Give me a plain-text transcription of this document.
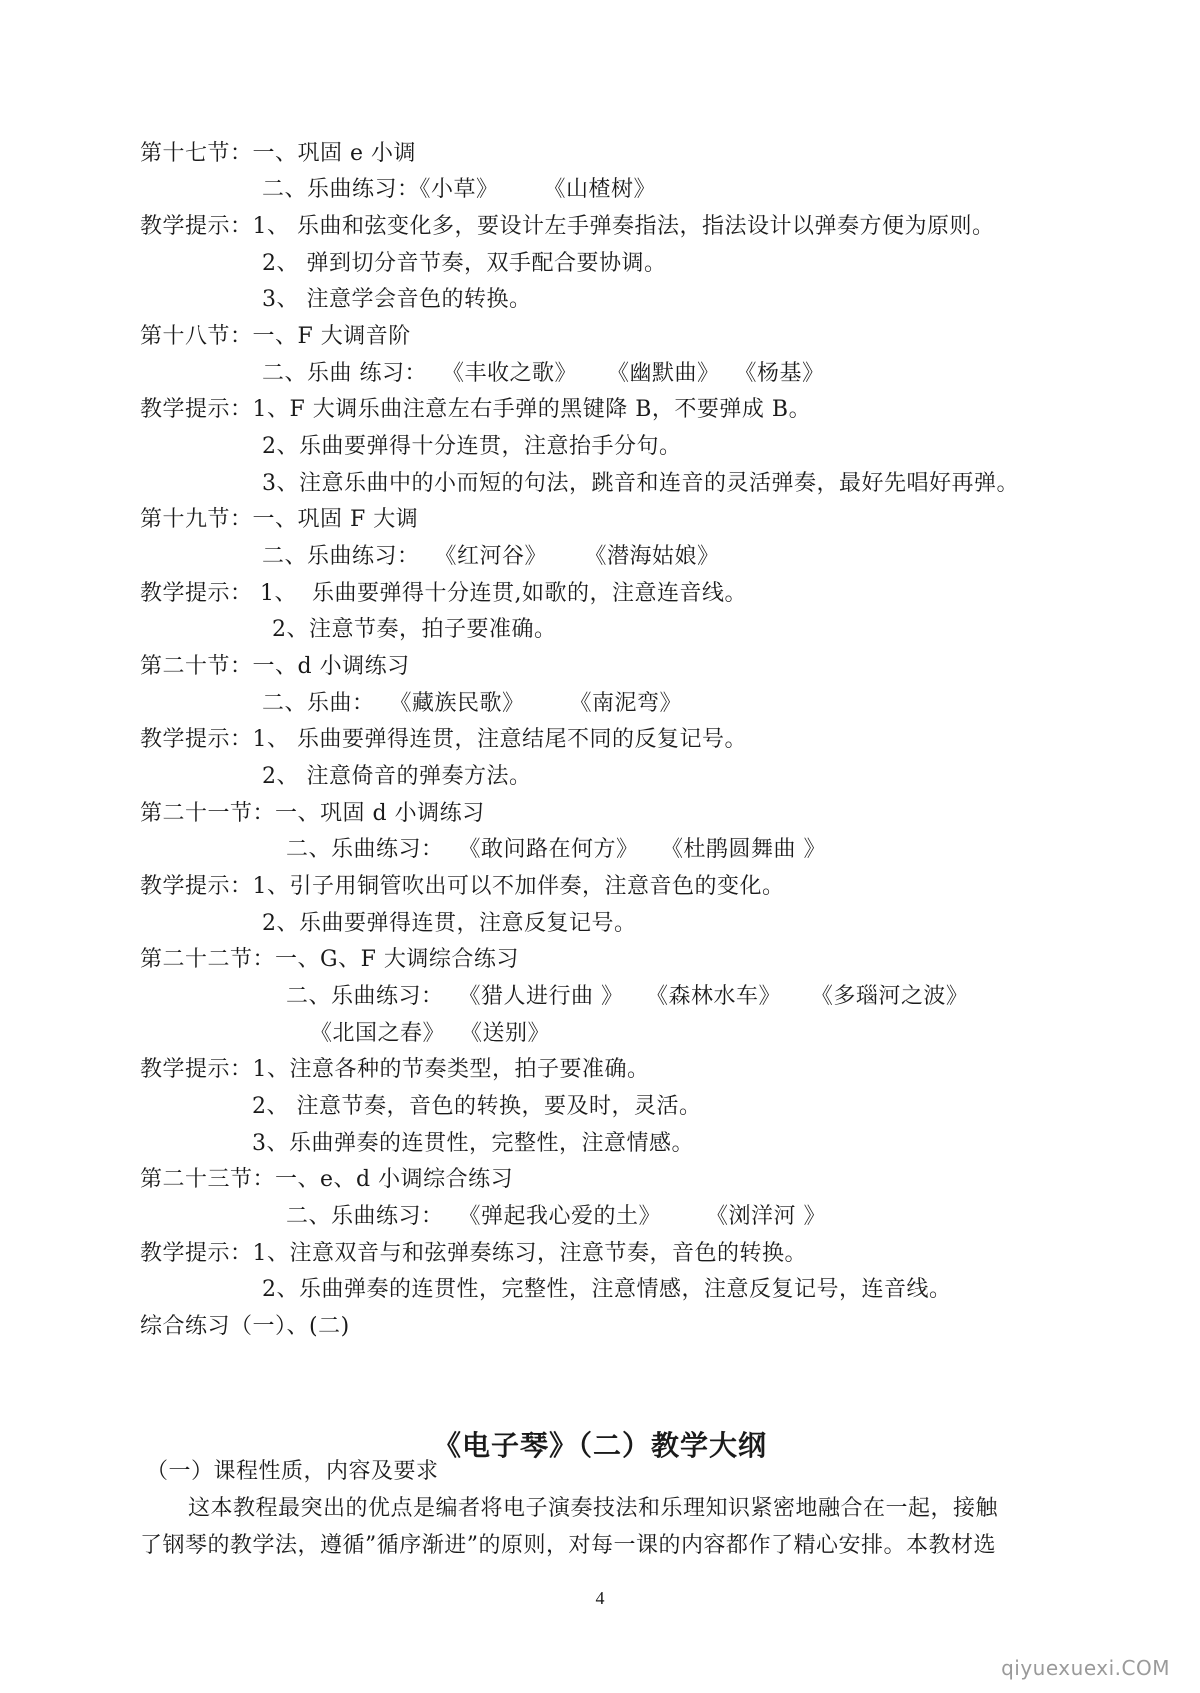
第十七节：一、巩固 e 小调
二、乐曲练习：《小草》      《山楂树》
教学提示：1、 乐曲和弦变化多，要设计左手弹奏指法，指法设计以弹奏方便为原则。
2、 弹到切分音节奏，双手配合要协调。
3、 注意学会音色的转换。
第十八节：一、F 大调音阶
二、乐曲 练习：  《丰收之歌》    《幽默曲》  《杨基》
教学提示：1、F 大调乐曲注意左右手弹的黑键降 B，不要弹成 B。
2、乐曲要弹得十分连贯，注意抬手分句。
3、注意乐曲中的小而短的句法，跳音和连音的灵活弹奏，最好先唱好再弹。
第十九节：一、巩固 F 大调
二、乐曲练习：  《红河谷》     《潜海姑娘》
教学提示： 1、  乐曲要弹得十分连贯,如歌的，注意连音线。
2、注意节奏，拍子要准确。
第二十节：一、d 小调练习
二、乐曲：  《藏族民歌》      《南泥弯》
教学提示：1、 乐曲要弹得连贯，注意结尾不同的反复记号。
2、 注意倚音的弹奏方法。
第二十一节：一、巩固 d 小调练习
二、乐曲练习：  《敢问路在何方》   《杜鹃圆舞曲 》
教学提示：1、引子用铜管吹出可以不加伴奏，注意音色的变化。
2、乐曲要弹得连贯，注意反复记号。
第二十二节：一、G、F 大调综合练习
二、乐曲练习：  《猎人进行曲 》   《森林水车》    《多瑙河之波》
《北国之春》  《送别》
教学提示：1、注意各种的节奏类型，拍子要准确。
2、 注意节奏，音色的转换，要及时，灵活。
3、乐曲弹奏的连贯性，完整性，注意情感。
第二十三节：一、e、d 小调综合练习
二、乐曲练习：  《弹起我心爱的土》      《浏洋河 》
教学提示：1、注意双音与和弦弹奏练习，注意节奏，音色的转换。
2、乐曲弹奏的连贯性，完整性，注意情感，注意反复记号，连音线。
综合练习（一）、(二)
（一）课程性质，内容及要求
这本教程最突出的优点是编者将电子演奏技法和乐理知识紧密地融合在一起，接触
了钢琴的教学法，遵循”循序渐进”的原则，对每一课的内容都作了精心安排。本教材选
《电子琴》（二）教学大纲
4
qiyuexuexi.COM
